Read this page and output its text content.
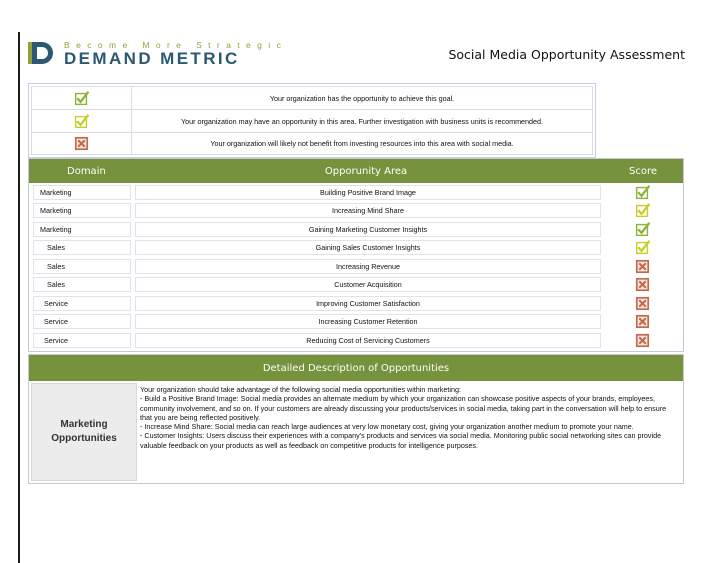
Become More Strategic
DEMAND METRIC	Social Media Opportunity Assessment
Your organization has the opportunity to achieve this goal.
Your organization may have an opportunity in this area. Further investigation with business units is recommended.
Your organization will likely not benefit from investing resources into this area with social media.
Domain	Opporunity Area	Score
Marketing	Building Positive Brand Image
Marketing	Increasing Mind Share
Marketing	Gaining Marketing Customer Insights
Sales	Gaining Sales Customer Insights
Sales	Increasing Revenue
Sales	Customer Acquisition
Service	Improving Customer Satisfaction
Service	Increasing Customer Retention
Service	Reducing Cost of Servicing Customers
Detailed Description of Opportunities
Marketing
Opportunities

Your organization should take advantage of the following social media opportunities within marketing:

- Build a Positive Brand Image: Social media provides an alternate medium by which your organization can showcase positive aspects of your brands, employees, community involvement, and so on. If your customers are already discussing your products/services in social media, taking part in the conversation will help to ensure that you are being reflected positively.

- Increase Mind Share: Social media can reach large audiences at very low monetary cost, giving your organization another medium to promote your name.

- Customer Insights: Users discuss their experiences with a company's products and services via social media. Monitoring public social networking sites can provide valuable feedback on your products as well as feedback on competitive products for intelligence purposes.
